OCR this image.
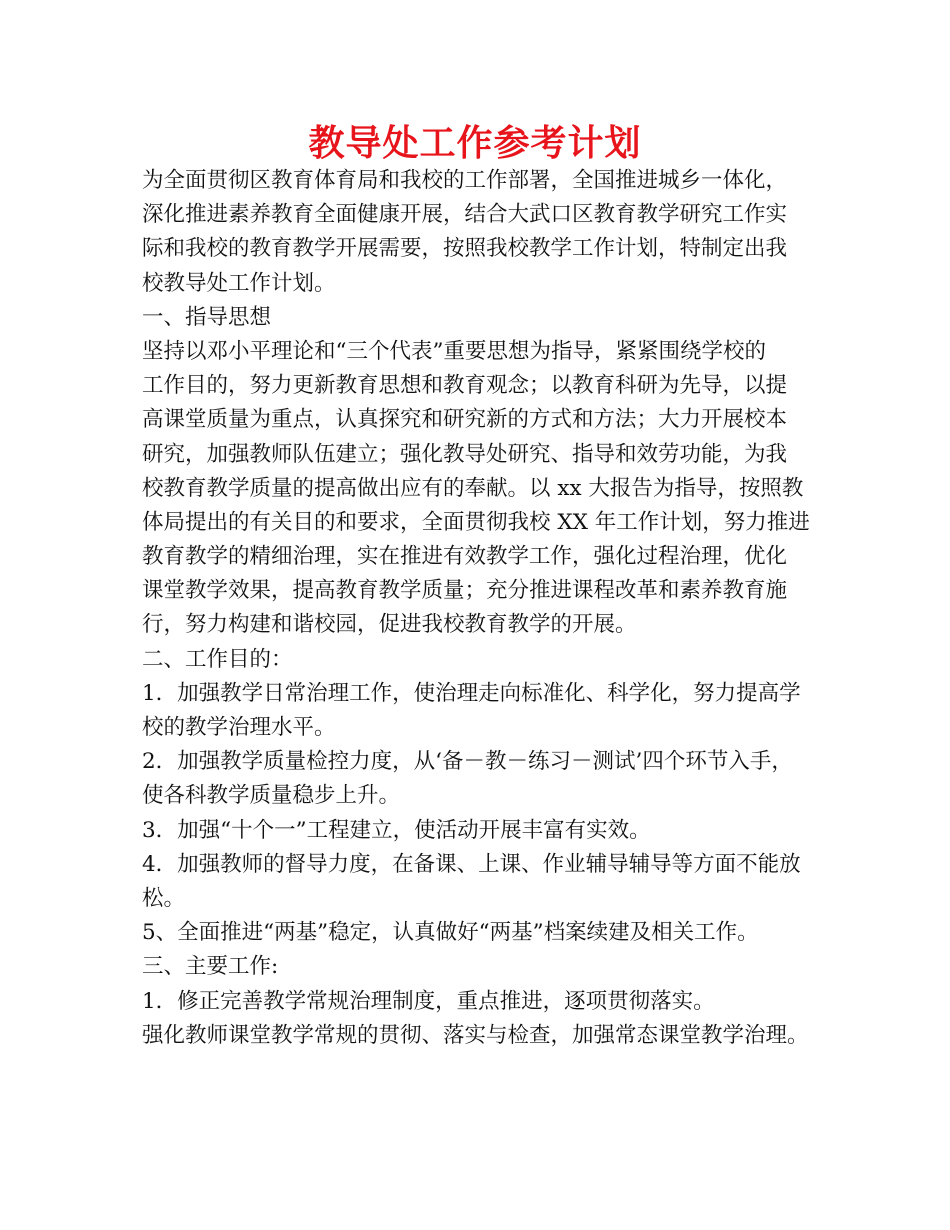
教导处工作参考计划
为全面贯彻区教育体育局和我校的工作部署，全国推进城乡一体化，
深化推进素养教育全面健康开展，结合大武口区教育教学研究工作实
际和我校的教育教学开展需要，按照我校教学工作计划，特制定出我
校教导处工作计划。
一、指导思想
坚持以邓小平理论和“三个代表”重要思想为指导，紧紧围绕学校的
工作目的，努力更新教育思想和教育观念；以教育科研为先导，以提
高课堂质量为重点，认真探究和研究新的方式和方法；大力开展校本
研究，加强教师队伍建立；强化教导处研究、指导和效劳功能，为我
校教育教学质量的提高做出应有的奉献。以 xx 大报告为指导，按照教
体局提出的有关目的和要求，全面贯彻我校 XX 年工作计划，努力推进
教育教学的精细治理，实在推进有效教学工作，强化过程治理，优化
课堂教学效果，提高教育教学质量；充分推进课程改革和素养教育施
行，努力构建和谐校园，促进我校教育教学的开展。
二、工作目的：
1．加强教学日常治理工作，使治理走向标准化、科学化，努力提高学
校的教学治理水平。
2．加强教学质量检控力度，从‘备－教－练习－测试’四个环节入手，
使各科教学质量稳步上升。
3．加强“十个一”工程建立，使活动开展丰富有实效。
4．加强教师的督导力度，在备课、上课、作业辅导辅导等方面不能放
松。
5、全面推进“两基”稳定，认真做好“两基”档案续建及相关工作。
三、主要工作:
1．修正完善教学常规治理制度，重点推进，逐项贯彻落实。
强化教师课堂教学常规的贯彻、落实与检查，加强常态课堂教学治理。
